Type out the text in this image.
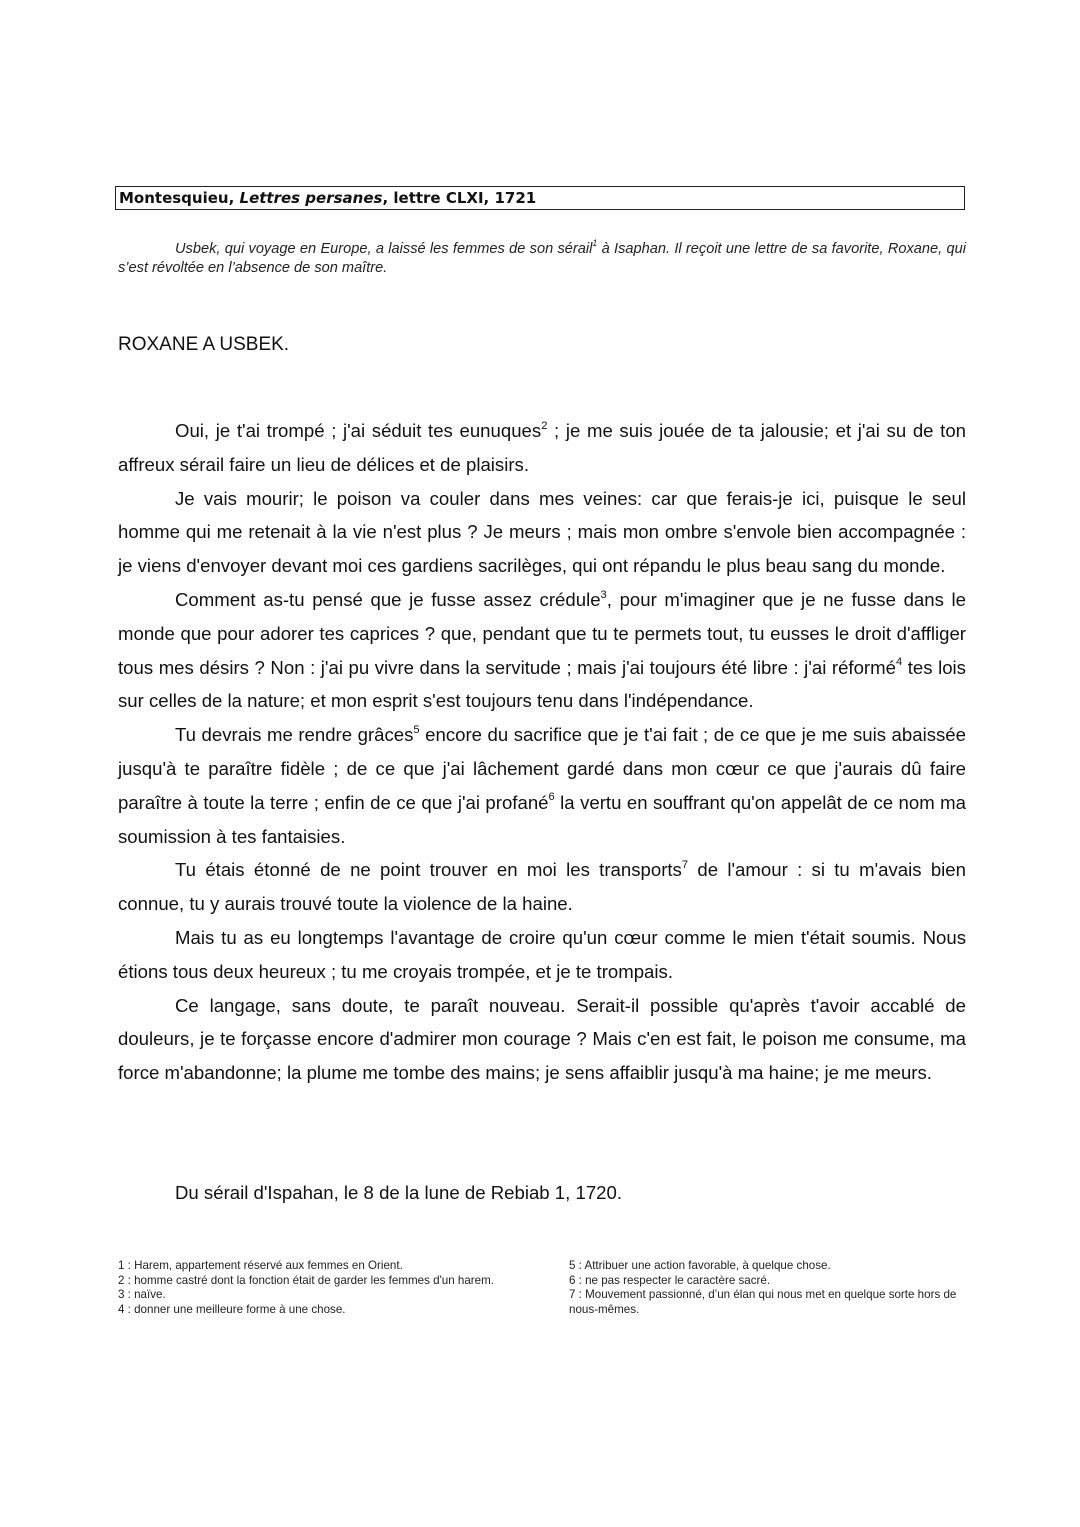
Montesquieu, Lettres persanes, lettre CLXI, 1721
Usbek, qui voyage en Europe, a laissé les femmes de son sérail$^1$ à Isaphan. Il reçoit une lettre de sa favorite, Roxane, qui s’est révoltée en l’absence de son maître.
ROXANE A USBEK.

Oui, je t'ai trompé ; j'ai séduit tes eunuques$^2$ ; je me suis jouée de ta jalousie; et j'ai su de ton affreux sérail faire un lieu de délices et de plaisirs.

Je vais mourir; le poison va couler dans mes veines: car que ferais-je ici, puisque le seul homme qui me retenait à la vie n'est plus ? Je meurs ; mais mon ombre s'envole bien accompagnée : je viens d'envoyer devant moi ces gardiens sacrilèges, qui ont répandu le plus beau sang du monde.

Comment as-tu pensé que je fusse assez crédule$^3$, pour m'imaginer que je ne fusse dans le monde que pour adorer tes caprices ? que, pendant que tu te permets tout, tu eusses le droit d'affliger tous mes désirs ? Non : j'ai pu vivre dans la servitude ; mais j'ai toujours été libre : j'ai réformé$^4$ tes lois sur celles de la nature; et mon esprit s'est toujours tenu dans l'indépendance.

Tu devrais me rendre grâces$^5$ encore du sacrifice que je t'ai fait ; de ce que je me suis abaissée jusqu'à te paraître fidèle ; de ce que j'ai lâchement gardé dans mon cœur ce que j'aurais dû faire paraître à toute la terre ; enfin de ce que j'ai profané$^6$ la vertu en souffrant qu'on appelât de ce nom ma soumission à tes fantaisies.

Tu étais étonné de ne point trouver en moi les transports$^7$ de l'amour : si tu m'avais bien connue, tu y aurais trouvé toute la violence de la haine.

Mais tu as eu longtemps l'avantage de croire qu'un cœur comme le mien t'était soumis. Nous étions tous deux heureux ; tu me croyais trompée, et je te trompais.

Ce langage, sans doute, te paraît nouveau. Serait-il possible qu'après t'avoir accablé de douleurs, je te forçasse encore d'admirer mon courage ? Mais c'en est fait, le poison me consume, ma force m'abandonne; la plume me tombe des mains; je sens affaiblir jusqu'à ma haine; je me meurs.

Du sérail d'Ispahan, le 8 de la lune de Rebiab 1, 1720.
1 : Harem, appartement réservé aux femmes en Orient.
2 : homme castré dont la fonction était de garder les femmes d'un harem.
3 : naïve.
4 : donner une meilleure forme à une chose.
5 : Attribuer une action favorable, à quelque chose.
6 : ne pas respecter le caractère sacré.
7 : Mouvement passionné, d’un élan qui nous met en quelque sorte hors de nous-mêmes.
